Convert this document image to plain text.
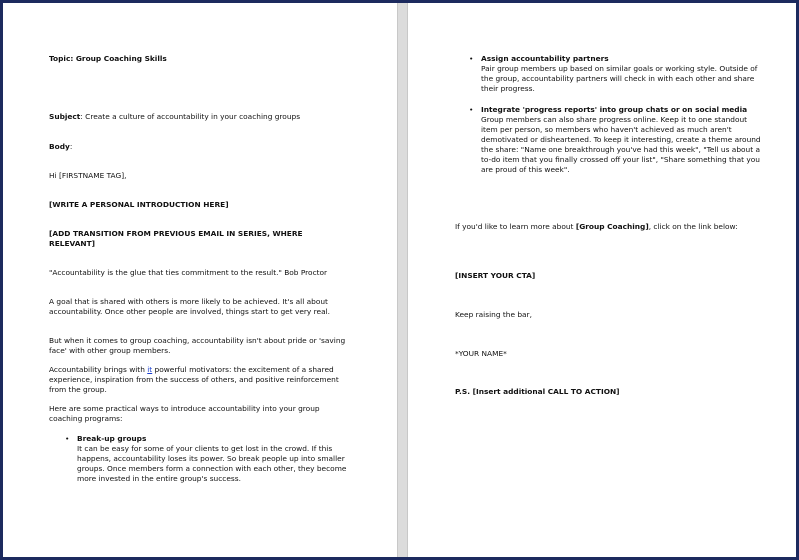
Topic: Group Coaching Skills
Subject: Create a culture of accountability in your coaching groups
Body:
Hi [FIRSTNAME TAG],
[WRITE A PERSONAL INTRODUCTION HERE]
[ADD TRANSITION FROM PREVIOUS EMAIL IN SERIES, WHERE RELEVANT]
"Accountability is the glue that ties commitment to the result." Bob Proctor
A goal that is shared with others is more likely to be achieved. It's all about accountability. Once other people are involved, things start to get very real.
But when it comes to group coaching, accountability isn't about pride or 'saving face' with other group members.
Accountability brings with it powerful motivators: the excitement of a shared experience, inspiration from the success of others, and positive reinforcement from the group.
Here are some practical ways to introduce accountability into your group coaching programs:
• Break-up groups
It can be easy for some of your clients to get lost in the crowd. If this happens, accountability loses its power. So break people up into smaller groups. Once members form a connection with each other, they become more invested in the entire group's success.
• Assign accountability partners
Pair group members up based on similar goals or working style. Outside of the group, accountability partners will check in with each other and share their progress.
• Integrate 'progress reports' into group chats or on social media
Group members can also share progress online. Keep it to one standout item per person, so members who haven't achieved as much aren't demotivated or disheartened. To keep it interesting, create a theme around the share: "Name one breakthrough you've had this week", "Tell us about a to-do item that you finally crossed off your list", "Share something that you are proud of this week".
If you'd like to learn more about [Group Coaching], click on the link below:
[INSERT YOUR CTA]
Keep raising the bar,
*YOUR NAME*
P.S. [Insert additional CALL TO ACTION]
